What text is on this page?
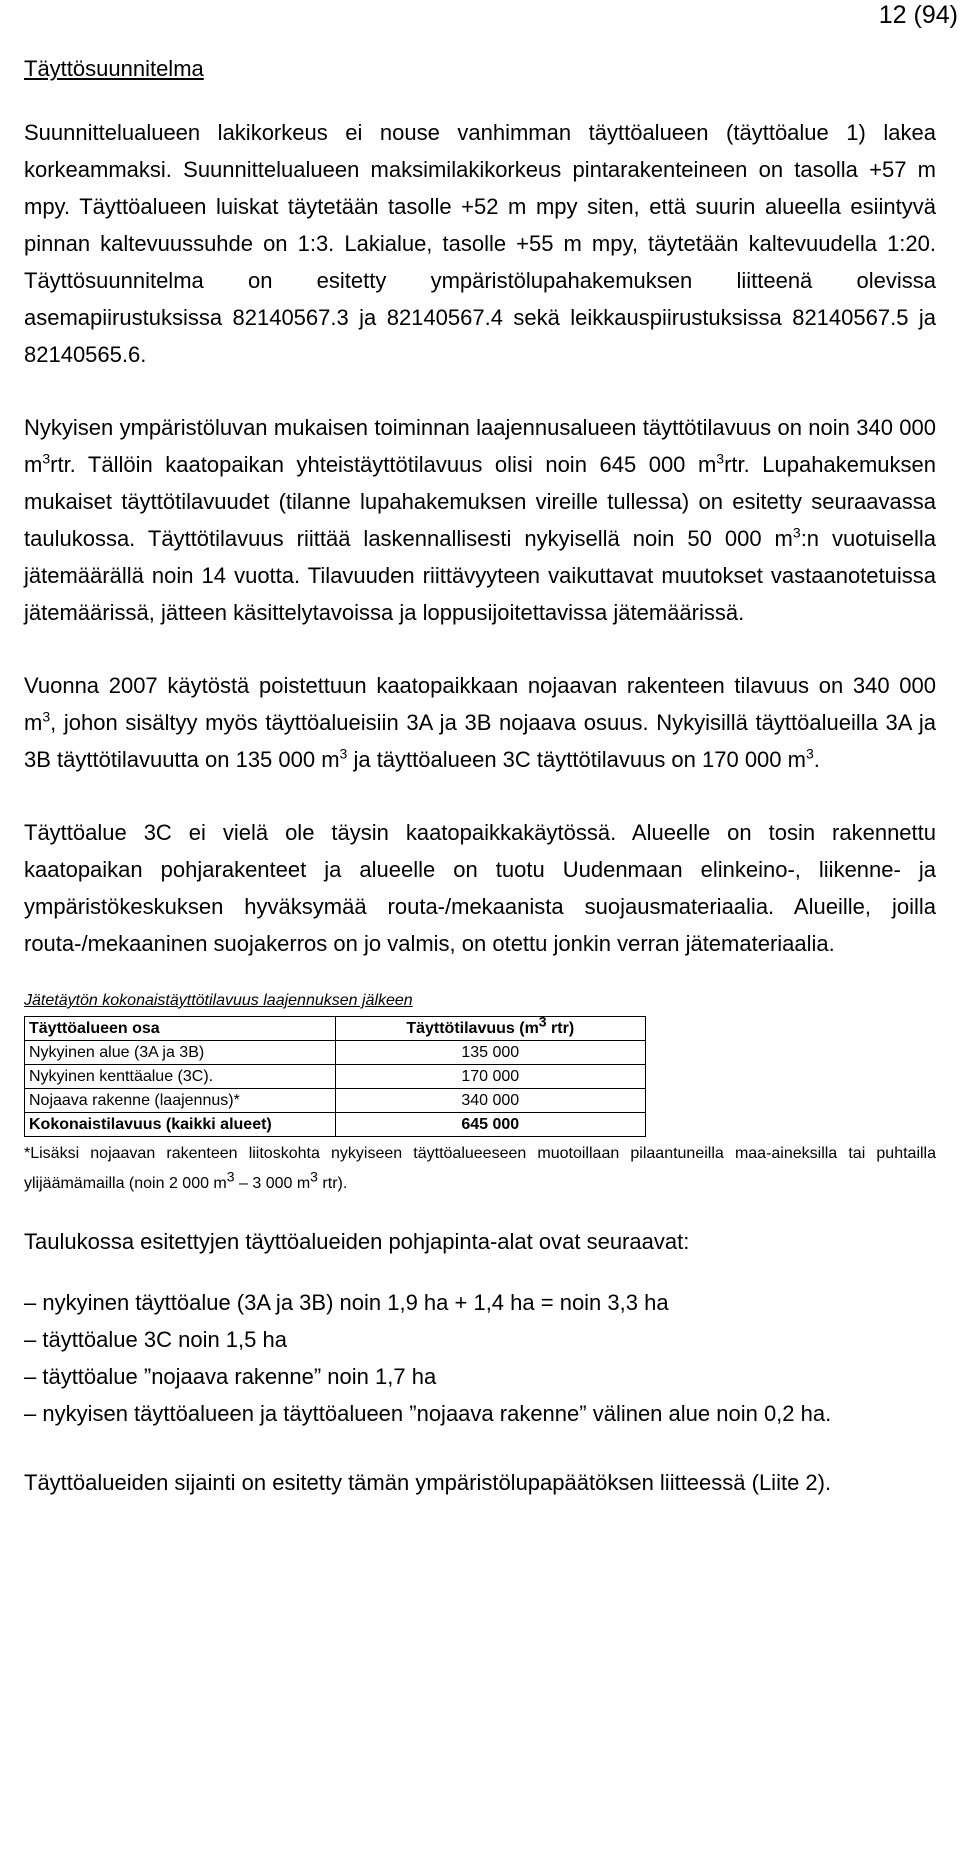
12 (94)

Täyttösuunnitelma

Suunnittelualueen lakikorkeus ei nouse vanhimman täyttöalueen (täyttöalue 1) lakea korkeammaksi. Suunnittelualueen maksimilakikorkeus pintarakenteineen on tasolla +57 m mpy. Täyttöalueen luiskat täytetään tasolle +52 m mpy siten, että suurin alueella esiintyvä pinnan kaltevuussuhde on 1:3. Lakialue, tasolle +55 m mpy, täytetään kaltevuudella 1:20. Täyttösuunnitelma on esitetty ympäristölupahakemuksen liitteenä olevissa asemapiirustuksissa 82140567.3 ja 82140567.4 sekä leikkauspiirustuksissa 82140567.5 ja 82140565.6.

Nykyisen ympäristöluvan mukaisen toiminnan laajennusalueen täyttötilavuus on noin 340 000 $m^3rtr$. Tällöin kaatopaikan yhteistäyttötilavuus olisi noin 645 000 $m^3rtr$. Lupahakemuksen mukaiset täyttötilavuudet (tilanne lupahakemuksen vireille tullessa) on esitetty seuraavassa taulukossa. Täyttötilavuus riittää laskennallisesti nykyisellä noin 50 000 $m^3:n$ vuotuisella jätemäärällä noin 14 vuotta. Tilavuuden riittävyyteen vaikuttavat muutokset vastaanotetuissa jätemäärissä, jätteen käsittelytavoissa ja loppusijoitettavissa jätemäärissä.

Vuonna 2007 käytöstä poistettuun kaatopaikkaan nojaavan rakenteen tilavuus on 340 000 $m^3$, johon sisältyy myös täyttöalueisiin 3A ja 3B nojaava osuus. Nykyisillä täyttöalueilla 3A ja 3B täyttötilavuutta on 135 000 $m^3$ ja täyttöalueen 3C täyttötilavuus on 170 000 $m^3$.

Täyttöalue 3C ei vielä ole täysin kaatopaikkakäytössä. Alueelle on tosin rakennettu kaatopaikan pohjarakenteet ja alueelle on tuotu Uudenmaan elinkeino-, liikenne- ja ympäristökeskuksen hyväksymää routa-/mekaanista suojausmateriaalia. Alueille, joilla routa-/mekaaninen suojakerros on jo valmis, on otettu jonkin verran jätemateriaalia.

Jätetäytön kokonaistäyttötilavuus laajennuksen jälkeen

Täyttöalueen osa	Täyttötilavuus ($m^3$ rtr)
Nykyinen alue (3A ja 3B)	135 000
Nykyinen kenttäalue (3C).	170 000
Nojaava rakenne (laajennus)*	340 000
Kokonaistilavuus (kaikki alueet)	645 000

*Lisäksi nojaavan rakenteen liitoskohta nykyiseen täyttöalueeseen muotoillaan pilaantuneilla maa-aineksilla tai puhtailla ylijäämämailla (noin 2 000 $m^3 - 3$ 000 $m^3$ rtr).

Taulukossa esitettyjen täyttöalueiden pohjapinta-alat ovat seuraavat:

– nykyinen täyttöalue (3A ja 3B) noin 1,9 ha + 1,4 ha = noin 3,3 ha

– täyttöalue 3C noin 1,5 ha

– täyttöalue ”nojaava rakenne” noin 1,7 ha

– nykyisen täyttöalueen ja täyttöalueen ”nojaava rakenne” välinen alue noin 0,2 ha.

Täyttöalueiden sijainti on esitetty tämän ympäristölupapäätöksen liitteessä (Liite 2).
